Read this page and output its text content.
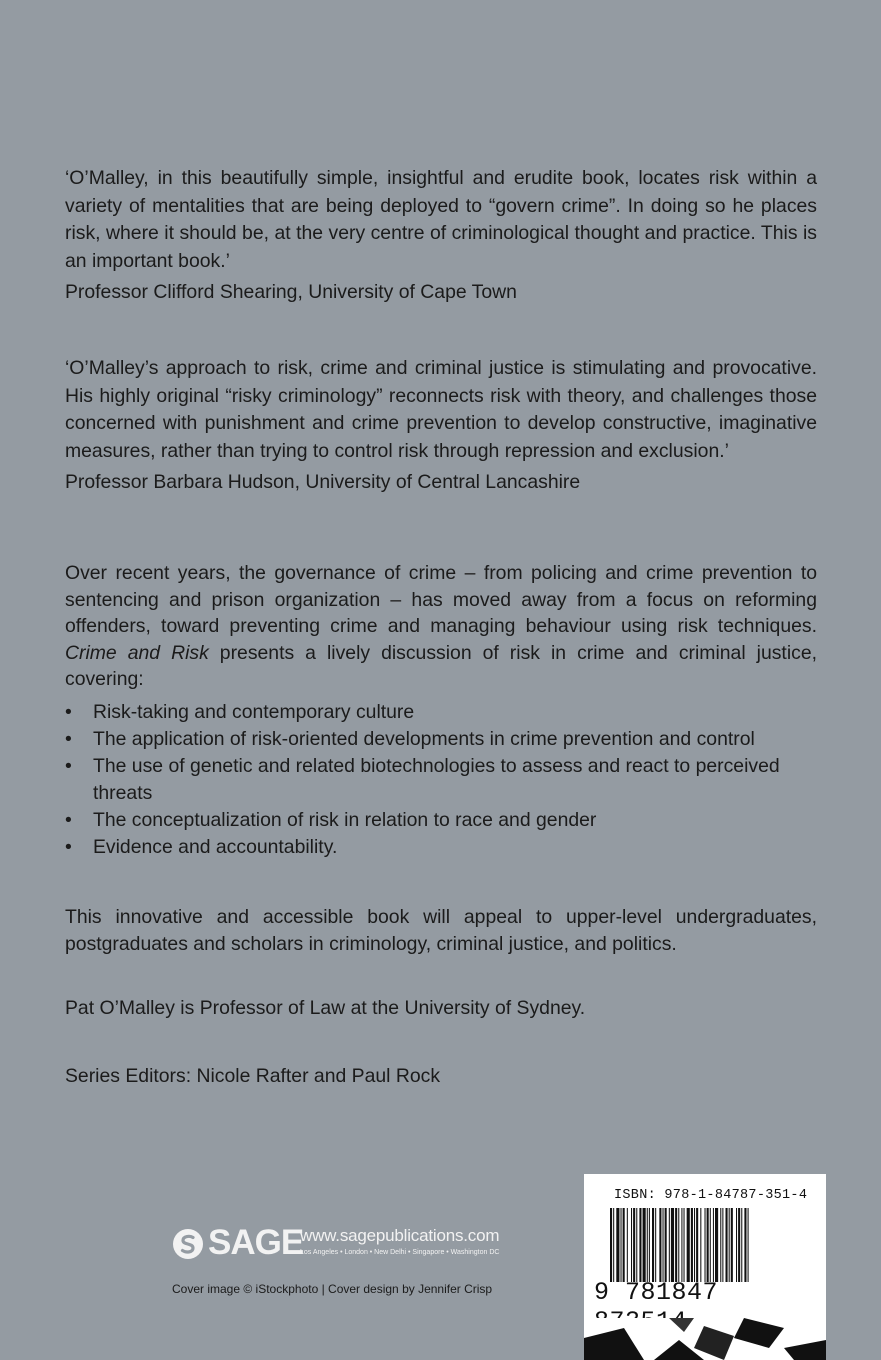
‘O’Malley, in this beautifully simple, insightful and erudite book, locates risk within a variety of mentalities that are being deployed to “govern crime”. In doing so he places risk, where it should be, at the very centre of criminological thought and practice. This is an important book.’

Professor Clifford Shearing, University of Cape Town

‘O’Malley’s approach to risk, crime and criminal justice is stimulating and provocative. His highly original “risky criminology” reconnects risk with theory, and challenges those concerned with punishment and crime prevention to develop constructive, imaginative measures, rather than trying to control risk through repression and exclusion.’

Professor Barbara Hudson, University of Central Lancashire

Over recent years, the governance of crime – from policing and crime prevention to sentencing and prison organization – has moved away from a focus on reforming offenders, toward preventing crime and managing behaviour using risk techniques. Crime and Risk presents a lively discussion of risk in crime and criminal justice, covering:

• Risk-taking and contemporary culture
• The application of risk-oriented developments in crime prevention and control
• The use of genetic and related biotechnologies to assess and react to perceived threats
• The conceptualization of risk in relation to race and gender
• Evidence and accountability.

This innovative and accessible book will appeal to upper-level undergraduates, postgraduates and scholars in criminology, criminal justice, and politics.

Pat O’Malley is Professor of Law at the University of Sydney.

Series Editors: Nicole Rafter and Paul Rock

SAGE
www.sagepublications.com
Los Angeles • London • New Delhi • Singapore • Washington DC
Cover image © iStockphoto | Cover design by Jennifer Crisp
ISBN: 978-1-84787-351-4
9 781847
